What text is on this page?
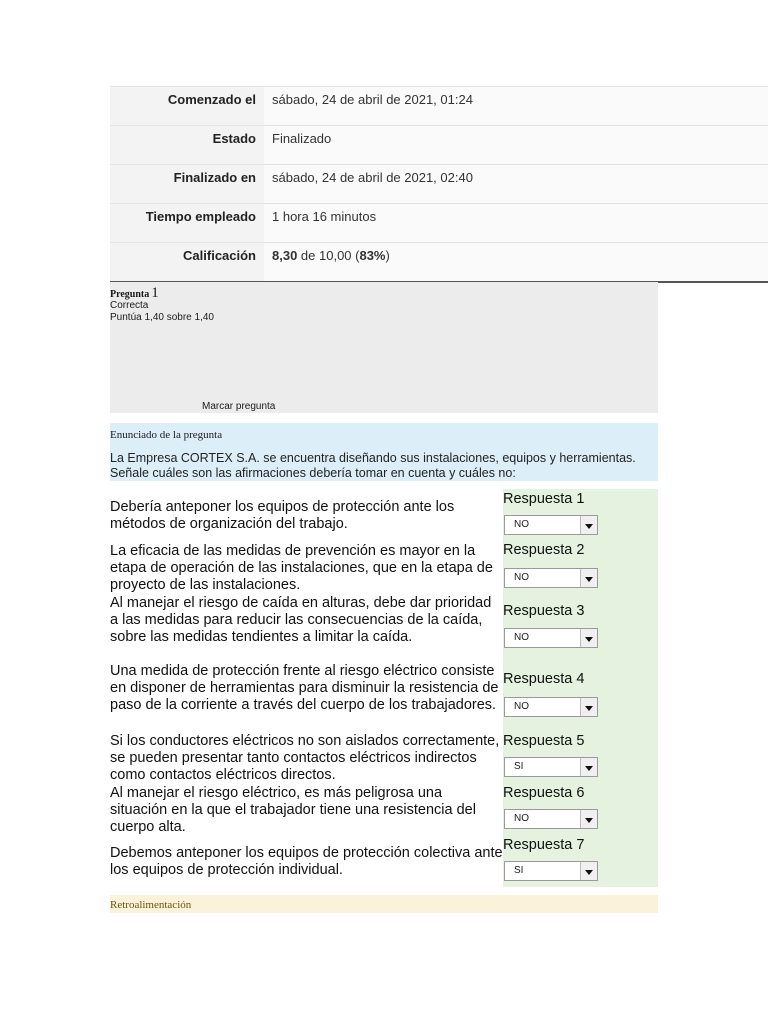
Comenzado el	sábado, 24 de abril de 2021, 01:24
Estado	Finalizado
Finalizado en	sábado, 24 de abril de 2021, 02:40
Tiempo empleado	1 hora 16 minutos
Calificación	8,30 de 10,00 (83%)
Pregunta 1
Correcta
Puntúa 1,40 sobre 1,40
Marcar pregunta
Enunciado de la pregunta
La Empresa CORTEX S.A. se encuentra diseñando sus instalaciones, equipos y herramientas. Señale cuáles son las afirmaciones debería tomar en cuenta y cuáles no:
Debería anteponer los equipos de protección ante los métodos de organización del trabajo.
Respuesta 1
NO
La eficacia de las medidas de prevención es mayor en la etapa de operación de las instalaciones, que en la etapa de proyecto de las instalaciones.
Respuesta 2
NO
Al manejar el riesgo de caída en alturas, debe dar prioridad a las medidas para reducir las consecuencias de la caída, sobre las medidas tendientes a limitar la caída.
Respuesta 3
NO
Una medida de protección frente al riesgo eléctrico consiste en disponer de herramientas para disminuir la resistencia de paso de la corriente a través del cuerpo de los trabajadores.
Respuesta 4
NO
Si los conductores eléctricos no son aislados correctamente, se pueden presentar tanto contactos eléctricos indirectos como contactos eléctricos directos.
Respuesta 5
SI
Al manejar el riesgo eléctrico, es más peligrosa una situación en la que el trabajador tiene una resistencia del cuerpo alta.
Respuesta 6
NO
Debemos anteponer los equipos de protección colectiva ante los equipos de protección individual.
Respuesta 7
SI
Retroalimentación
